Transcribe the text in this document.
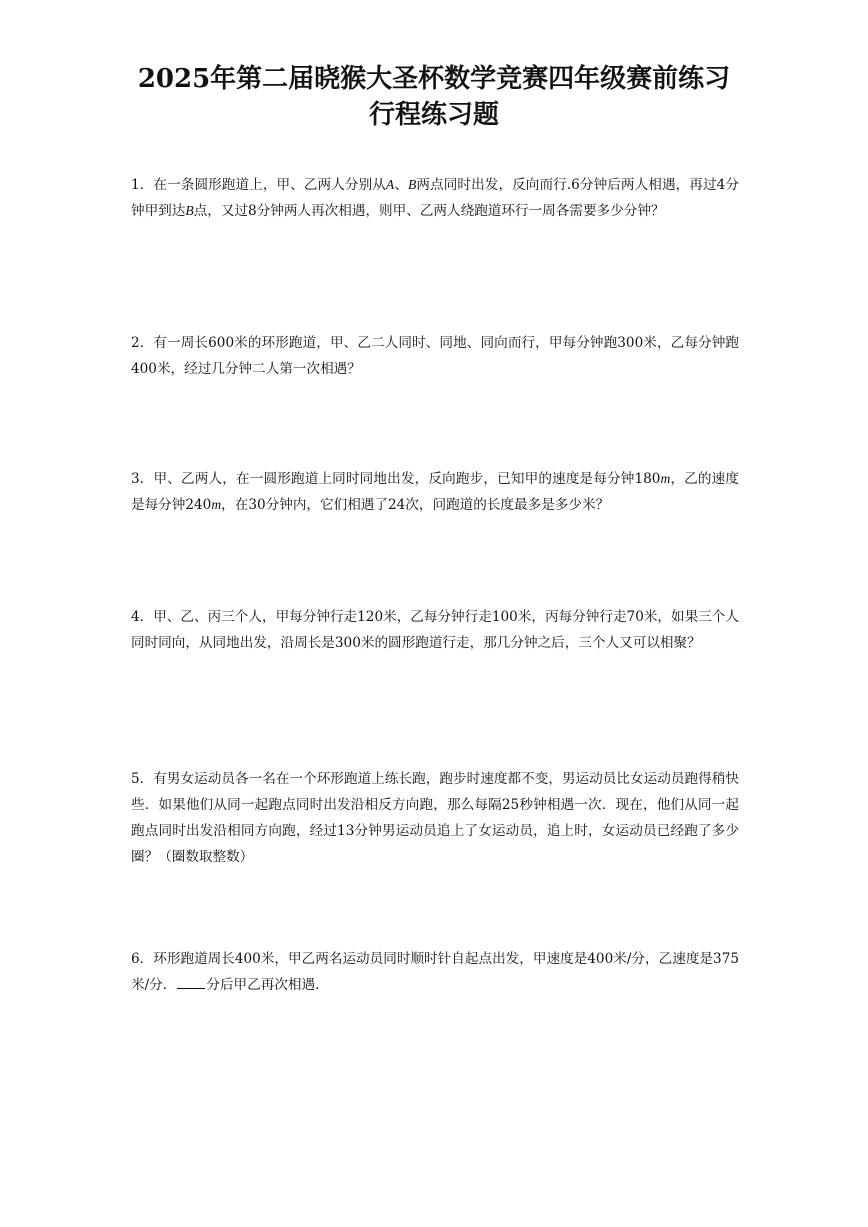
2025年第二届晓猴大圣杯数学竞赛四年级赛前练习
行程练习题

1．在一条圆形跑道上，甲、乙两人分别从A、B两点同时出发，反向而行.6分钟后两人相遇，再过4分钟甲到达B点，又过8分钟两人再次相遇，则甲、乙两人绕跑道环行一周各需要多少分钟？

2．有一周长600米的环形跑道，甲、乙二人同时、同地、同向而行，甲每分钟跑300米，乙每分钟跑400米，经过几分钟二人第一次相遇？

3．甲、乙两人，在一圆形跑道上同时同地出发，反向跑步，已知甲的速度是每分钟180m，乙的速度是每分钟240m，在30分钟内，它们相遇了24次，问跑道的长度最多是多少米？

4．甲、乙、丙三个人，甲每分钟行走120米，乙每分钟行走100米，丙每分钟行走70米，如果三个人同时同向，从同地出发，沿周长是300米的圆形跑道行走，那几分钟之后，三个人又可以相聚？

5．有男女运动员各一名在一个环形跑道上练长跑，跑步时速度都不变，男运动员比女运动员跑得稍快些．如果他们从同一起跑点同时出发沿相反方向跑，那么每隔25秒钟相遇一次．现在，他们从同一起跑点同时出发沿相同方向跑，经过13分钟男运动员追上了女运动员，追上时，女运动员已经跑了多少圈？（圈数取整数）

6．环形跑道周长400米，甲乙两名运动员同时顺时针自起点出发，甲速度是400米/分，乙速度是375米/分． 分后甲乙再次相遇.
